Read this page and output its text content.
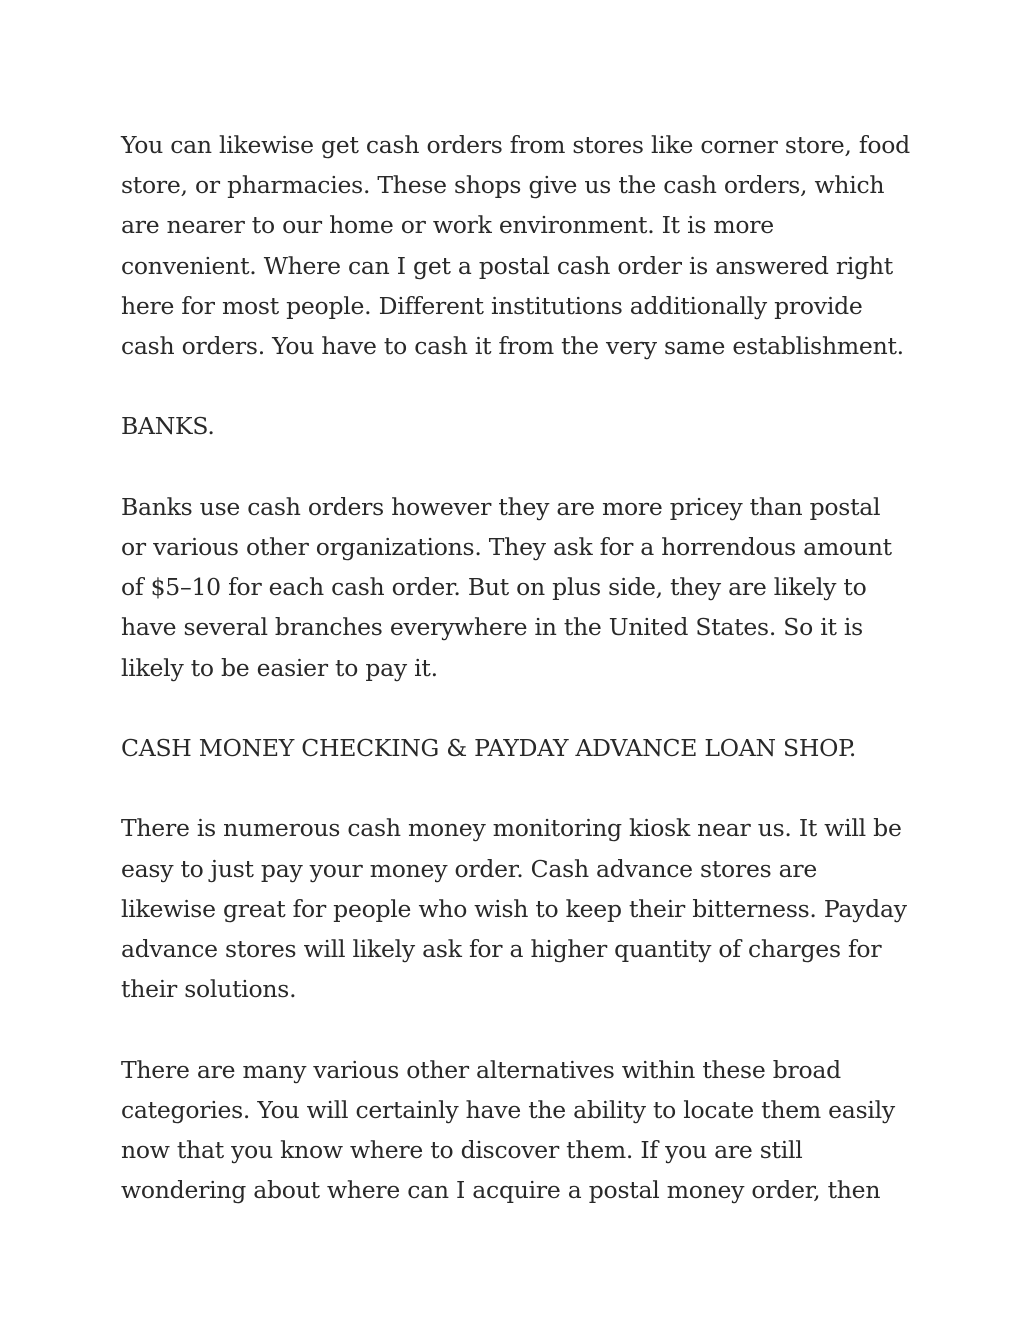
You can likewise get cash orders from stores like corner store, food store, or pharmacies. These shops give us the cash orders, which are nearer to our home or work environment. It is more convenient. Where can I get a postal cash order is answered right here for most people. Different institutions additionally provide cash orders. You have to cash it from the very same establishment.

BANKS.

Banks use cash orders however they are more pricey than postal or various other organizations. They ask for a horrendous amount of $5–10 for each cash order. But on plus side, they are likely to have several branches everywhere in the United States. So it is likely to be easier to pay it.

CASH MONEY CHECKING & PAYDAY ADVANCE LOAN SHOP.

There is numerous cash money monitoring kiosk near us. It will be easy to just pay your money order. Cash advance stores are likewise great for people who wish to keep their bitterness. Payday advance stores will likely ask for a higher quantity of charges for their solutions.

There are many various other alternatives within these broad categories. You will certainly have the ability to locate them easily now that you know where to discover them. If you are still wondering about where can I acquire a postal money order, then
